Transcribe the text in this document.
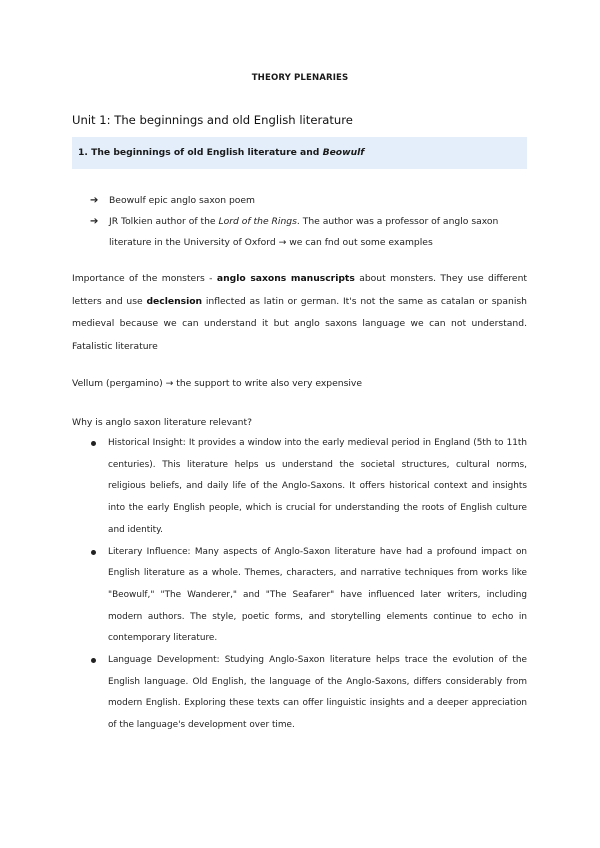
THEORY PLENARIES
Unit 1: The beginnings and old English literature
1. The beginnings of old English literature and Beowulf
➔ Beowulf epic anglo saxon poem
➔ JR Tolkien author of the Lord of the Rings. The author was a professor of anglo saxon literature in the University of Oxford → we can fnd out some examples
Importance of the monsters - anglo saxons manuscripts about monsters. They use different letters and use declension inflected as latin or german. It's not the same as catalan or spanish medieval because we can understand it but anglo saxons language we can not understand. Fatalistic literature
Vellum (pergamino) → the support to write also very expensive
Why is anglo saxon literature relevant?
Historical Insight: It provides a window into the early medieval period in England (5th to 11th centuries). This literature helps us understand the societal structures, cultural norms, religious beliefs, and daily life of the Anglo-Saxons. It offers historical context and insights into the early English people, which is crucial for understanding the roots of English culture and identity.
Literary Influence: Many aspects of Anglo-Saxon literature have had a profound impact on English literature as a whole. Themes, characters, and narrative techniques from works like "Beowulf," "The Wanderer," and "The Seafarer" have influenced later writers, including modern authors. The style, poetic forms, and storytelling elements continue to echo in contemporary literature.
Language Development: Studying Anglo-Saxon literature helps trace the evolution of the English language. Old English, the language of the Anglo-Saxons, differs considerably from modern English. Exploring these texts can offer linguistic insights and a deeper appreciation of the language's development over time.
